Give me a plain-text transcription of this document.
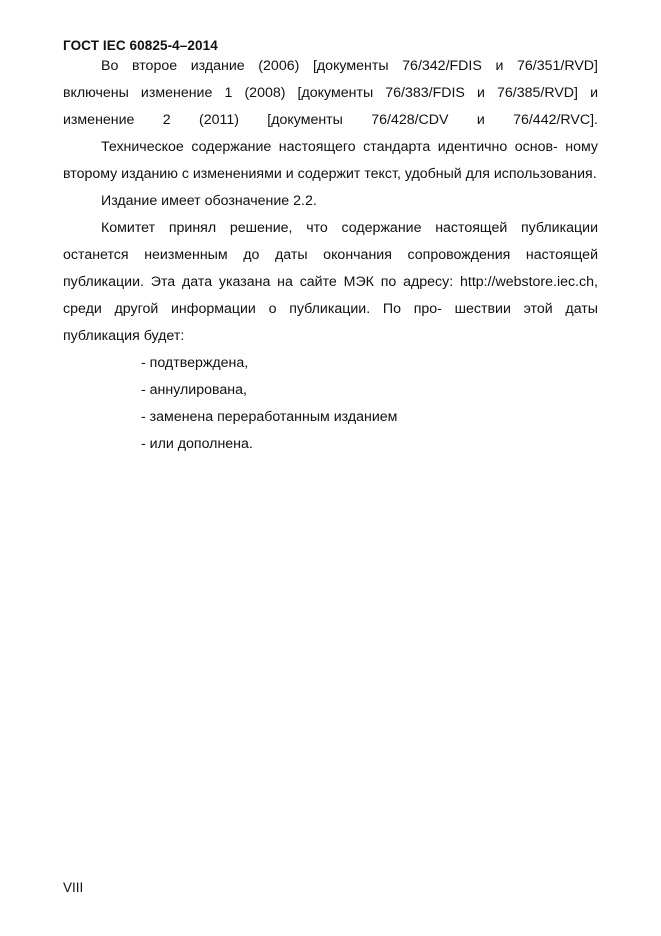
ГОСТ IEC 60825-4–2014

Во второе издание (2006) [документы 76/342/FDIS и 76/351/RVD] включены изменение 1 (2008) [документы 76/383/FDIS и 76/385/RVD] и изменение 2 (2011) [документы 76/428/CDV и 76/442/RVC].

Техническое содержание настоящего стандарта идентично основ- ному второму изданию с изменениями и содержит текст, удобный для использования.

Издание имеет обозначение 2.2.

Комитет принял решение, что содержание настоящей публикации останется неизменным до даты окончания сопровождения настоящей публикации. Эта дата указана на сайте МЭК по адресу: http://webstore.iec.ch, среди другой информации о публикации. По про- шествии этой даты публикация будет:

- подтверждена,
- аннулирована,
- заменена переработанным изданием
- или дополнена.
VIII
